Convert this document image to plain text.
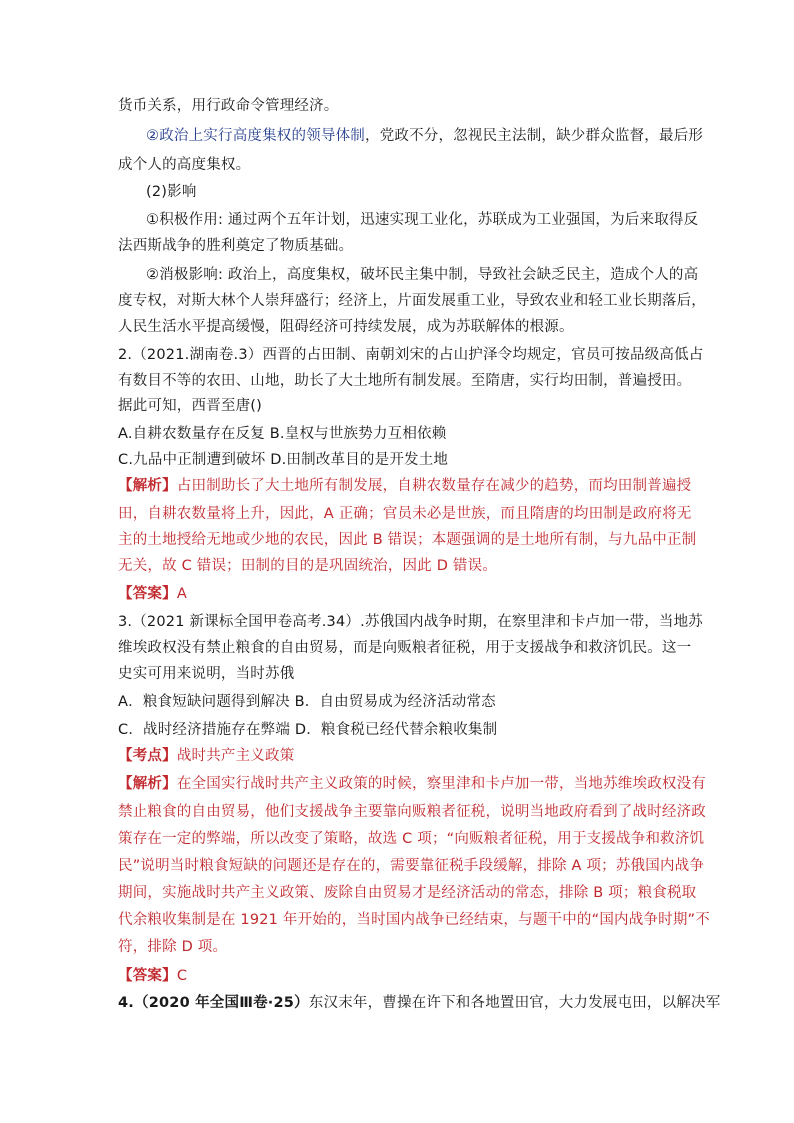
货币关系，用行政命令管理经济。
②政治上实行高度集权的领导体制，党政不分，忽视民主法制，缺少群众监督，最后形
成个人的高度集权。
(2)影响
①积极作用: 通过两个五年计划，迅速实现工业化，苏联成为工业强国，为后来取得反
法西斯战争的胜利奠定了物质基础。
②消极影响: 政治上，高度集权，破坏民主集中制，导致社会缺乏民主，造成个人的高
度专权，对斯大林个人崇拜盛行；经济上，片面发展重工业，导致农业和轻工业长期落后，
人民生活水平提高缓慢，阻碍经济可持续发展，成为苏联解体的根源。
2.（2021.湖南卷.3）西晋的占田制、南朝刘宋的占山护泽令均规定，官员可按品级高低占
有数目不等的农田、山地，助长了大土地所有制发展。至隋唐，实行均田制，普遍授田。
据此可知，西晋至唐()
A.自耕农数量存在反复 B.皇权与世族势力互相依赖
C.九品中正制遭到破坏 D.田制改革目的是开发土地
【解析】占田制助长了大土地所有制发展，自耕农数量存在减少的趋势，而均田制普遍授
田，自耕农数量将上升，因此，A 正确；官员未必是世族，而且隋唐的均田制是政府将无
主的土地授给无地或少地的农民，因此 B 错误；本题强调的是土地所有制，与九品中正制
无关，故 C 错误；田制的目的是巩固统治，因此 D 错误。
【答案】A
3.（2021 新课标全国甲卷高考.34）.苏俄国内战争时期，在察里津和卡卢加一带，当地苏
维埃政权没有禁止粮食的自由贸易，而是向贩粮者征税，用于支援战争和救济饥民。这一
史实可用来说明，当时苏俄
A．粮食短缺问题得到解决 B．自由贸易成为经济活动常态
C．战时经济措施存在弊端 D．粮食税已经代替余粮收集制
【考点】战时共产主义政策
【解析】在全国实行战时共产主义政策的时候，察里津和卡卢加一带，当地苏维埃政权没有
禁止粮食的自由贸易，他们支援战争主要靠向贩粮者征税，说明当地政府看到了战时经济政
策存在一定的弊端，所以改变了策略，故选 C 项；“向贩粮者征税，用于支援战争和救济饥
民”说明当时粮食短缺的问题还是存在的，需要靠征税手段缓解，排除 A 项；苏俄国内战争
期间，实施战时共产主义政策、废除自由贸易才是经济活动的常态，排除 B 项；粮食税取
代余粮收集制是在 1921 年开始的，当时国内战争已经结束，与题干中的“国内战争时期”不
符，排除 D 项。
【答案】C
4.（2020 年全国Ⅲ卷·25）东汉末年，曹操在许下和各地置田官，大力发展屯田，以解决军
